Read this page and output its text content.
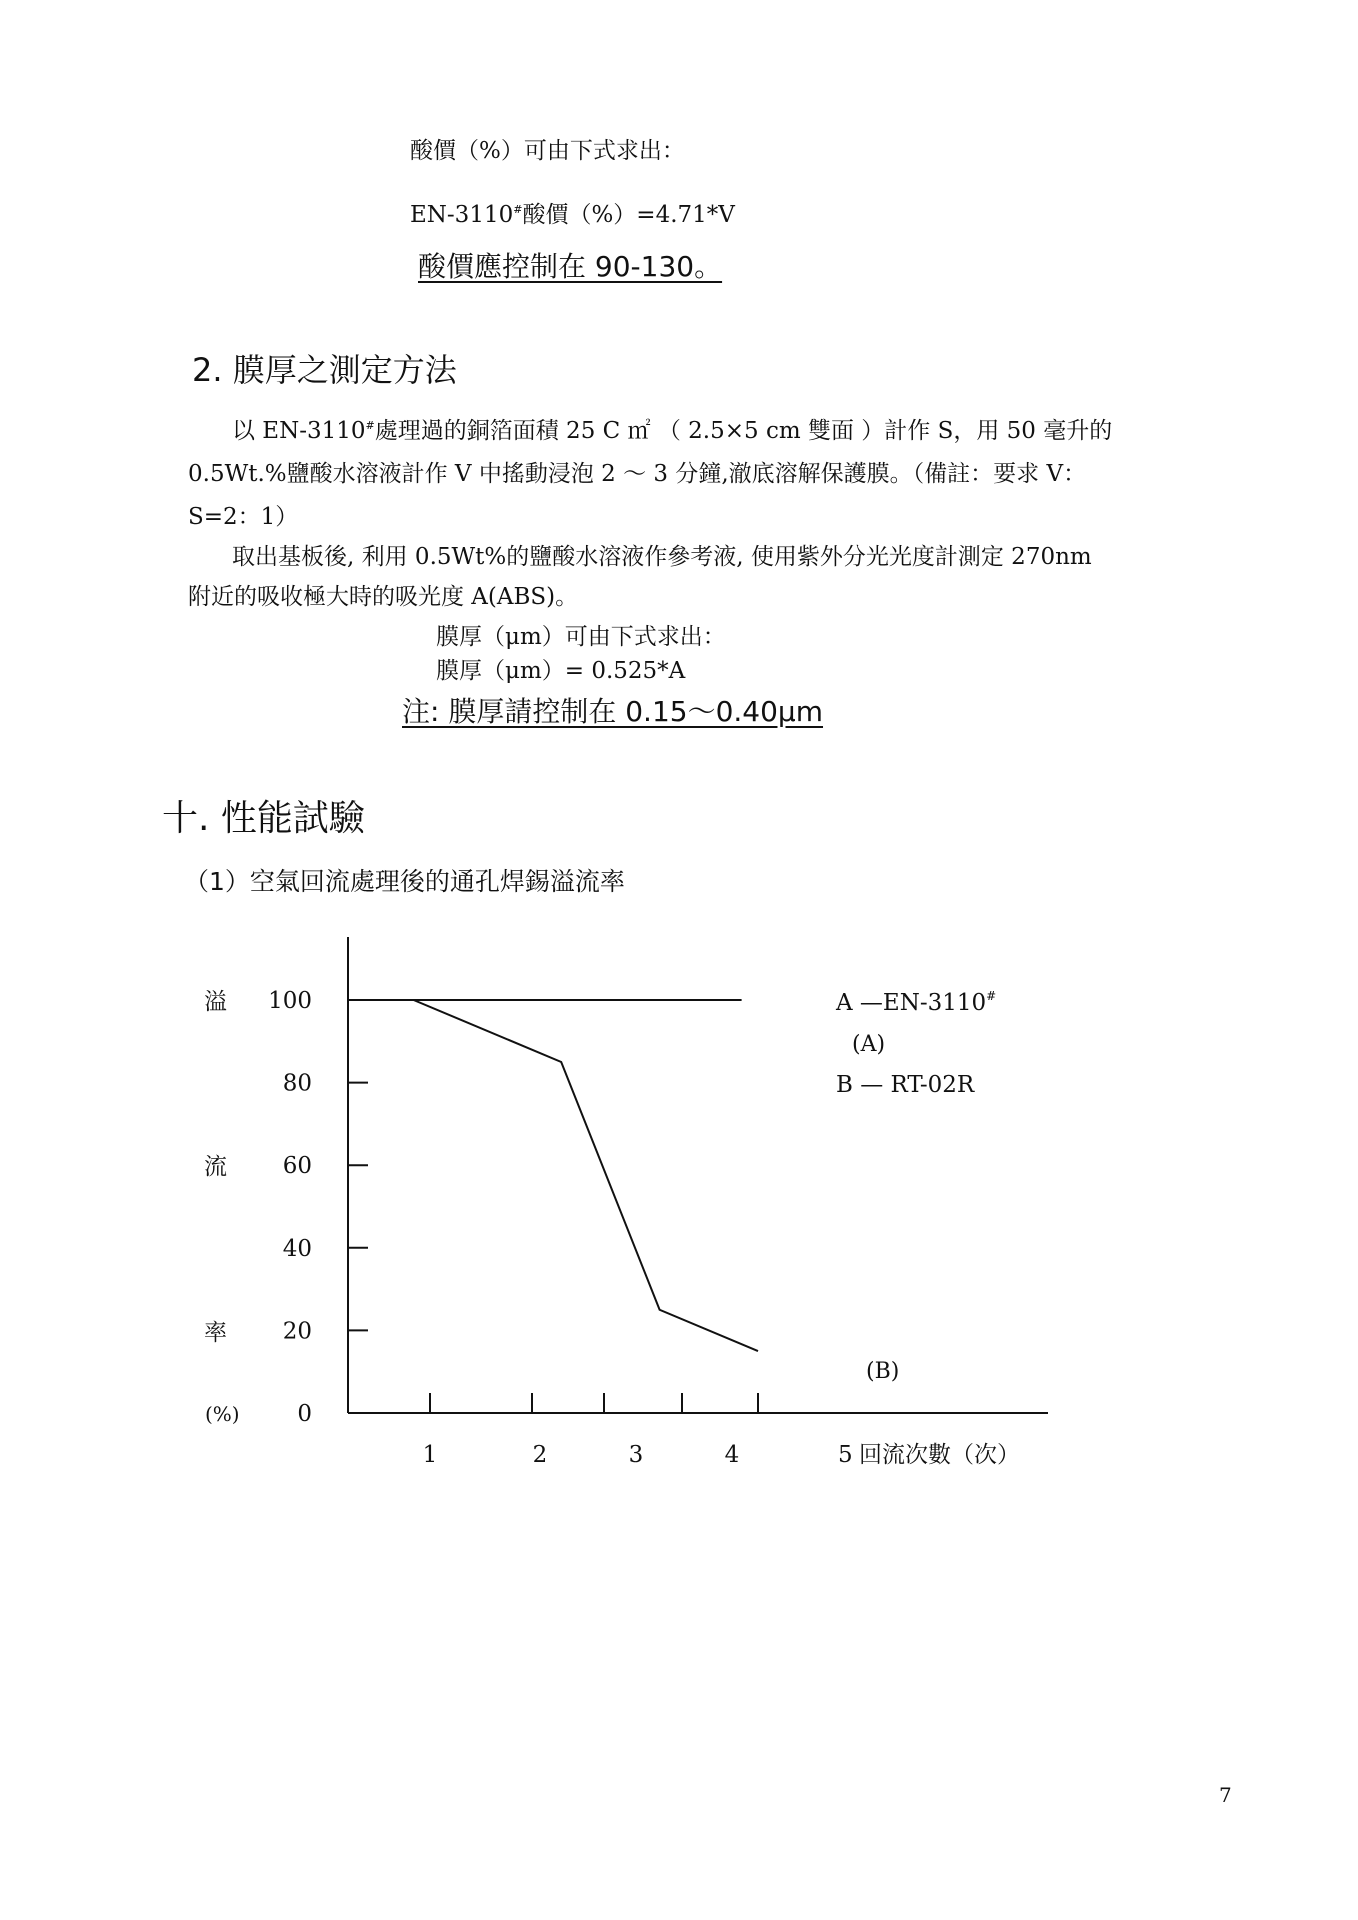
酸價（%）可由下式求出：
EN-3110#酸價（%）=4.71*V
酸價應控制在 90-130。
2. 膜厚之測定方法
以 EN-3110#處理過的銅箔面積 25 C ㎡ （ 2.5×5 cm 雙面 ）計作 S，用 50 毫升的
0.5Wt.%鹽酸水溶液計作 V 中搖動浸泡 2 ～ 3 分鐘,澈底溶解保護膜。（備註：要求 V：
S=2：1）
取出基板後, 利用 0.5Wt%的鹽酸水溶液作參考液, 使用紫外分光光度計測定 270nm
附近的吸收極大時的吸光度 A(ABS)。
膜厚（μm）可由下式求出：
膜厚（μm）= 0.525*A
注: 膜厚請控制在 0.15～0.40μm
十. 性能試驗
（1）空氣回流處理後的通孔焊錫溢流率
100
80
60
40
20
0
1	2	3	4	5
溢
流
率
(%)
回流次數（次）
A —EN-3110#
(A)
B — RT-02R
(B)
7
